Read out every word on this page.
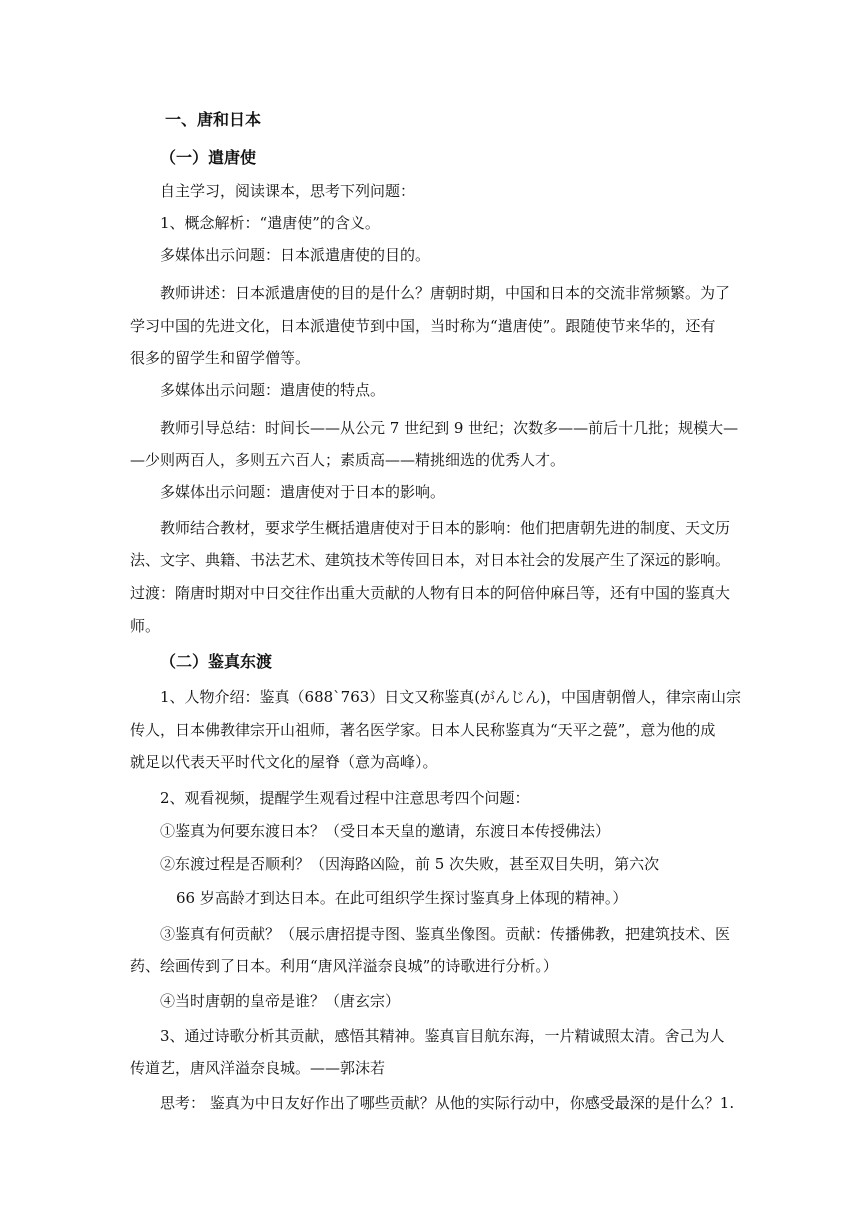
一、唐和日本
（一）遣唐使
自主学习，阅读课本，思考下列问题：
1、概念解析：“遣唐使”的含义。
多媒体出示问题：日本派遣唐使的目的。
教师讲述：日本派遣唐使的目的是什么？唐朝时期，中国和日本的交流非常频繁。为了
学习中国的先进文化，日本派遣使节到中国，当时称为“遣唐使”。跟随使节来华的，还有
很多的留学生和留学僧等。
多媒体出示问题：遣唐使的特点。
教师引导总结：时间长——从公元 7 世纪到 9 世纪；次数多——前后十几批；规模大—
—少则两百人，多则五六百人；素质高——精挑细选的优秀人才。
多媒体出示问题：遣唐使对于日本的影响。
教师结合教材，要求学生概括遣唐使对于日本的影响：他们把唐朝先进的制度、天文历
法、文字、典籍、书法艺术、建筑技术等传回日本，对日本社会的发展产生了深远的影响。
过渡：隋唐时期对中日交往作出重大贡献的人物有日本的阿倍仲麻吕等，还有中国的鉴真大
师。
（二）鉴真东渡
1、人物介绍：鉴真（688`763）日文又称鉴真(がんじん)，中国唐朝僧人，律宗南山宗
传人，日本佛教律宗开山祖师，著名医学家。日本人民称鉴真为“天平之甍”，意为他的成
就足以代表天平时代文化的屋脊（意为高峰）。
2、观看视频，提醒学生观看过程中注意思考四个问题：
①鉴真为何要东渡日本？（受日本天皇的邀请，东渡日本传授佛法）
②东渡过程是否顺利？（因海路凶险，前 5 次失败，甚至双目失明，第六次
66 岁高龄才到达日本。在此可组织学生探讨鉴真身上体现的精神。）
③鉴真有何贡献？（展示唐招提寺图、鉴真坐像图。贡献：传播佛教，把建筑技术、医
药、绘画传到了日本。利用“唐风洋溢奈良城”的诗歌进行分析。）
④当时唐朝的皇帝是谁？（唐玄宗）
3、通过诗歌分析其贡献，感悟其精神。鉴真盲目航东海，一片精诚照太清。舍己为人
传道艺，唐风洋溢奈良城。——郭沫若
思考： 鉴真为中日友好作出了哪些贡献？从他的实际行动中，你感受最深的是什么？1.
